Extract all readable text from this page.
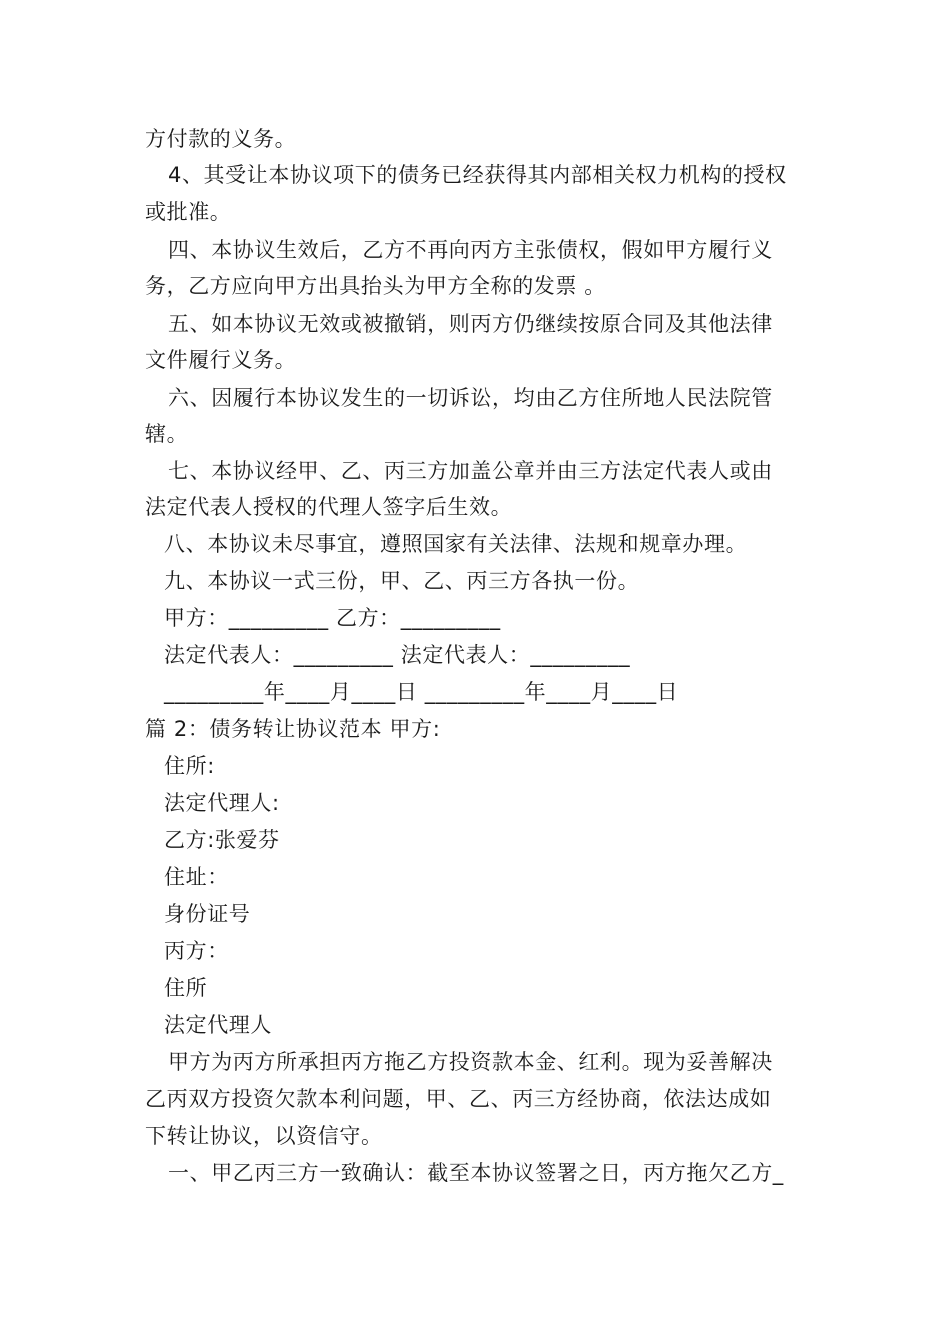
方付款的义务。
4、其受让本协议项下的债务已经获得其内部相关权力机构的授权
或批准。
四、本协议生效后，乙方不再向丙方主张债权，假如甲方履行义
务，乙方应向甲方出具抬头为甲方全称的发票 。
五、如本协议无效或被撤销，则丙方仍继续按原合同及其他法律
文件履行义务。
六、因履行本协议发生的一切诉讼，均由乙方住所地人民法院管
辖。
七、本协议经甲、乙、丙三方加盖公章并由三方法定代表人或由
法定代表人授权的代理人签字后生效。
八、本协议未尽事宜，遵照国家有关法律、法规和规章办理。
九、本协议一式三份，甲、乙、丙三方各执一份。
甲方：_________ 乙方：_________
法定代表人：_________ 法定代表人：_________
_________年____月____日 _________年____月____日
篇 2：债务转让协议范本 甲方:
住所:
法定代理人:
乙方:张爱芬
住址：
身份证号
丙方：
住所
法定代理人
甲方为丙方所承担丙方拖乙方投资款本金、红利。现为妥善解决
乙丙双方投资欠款本利问题，甲、乙、丙三方经协商，依法达成如
下转让协议，以资信守。
一、甲乙丙三方一致确认：截至本协议签署之日，丙方拖欠乙方_
